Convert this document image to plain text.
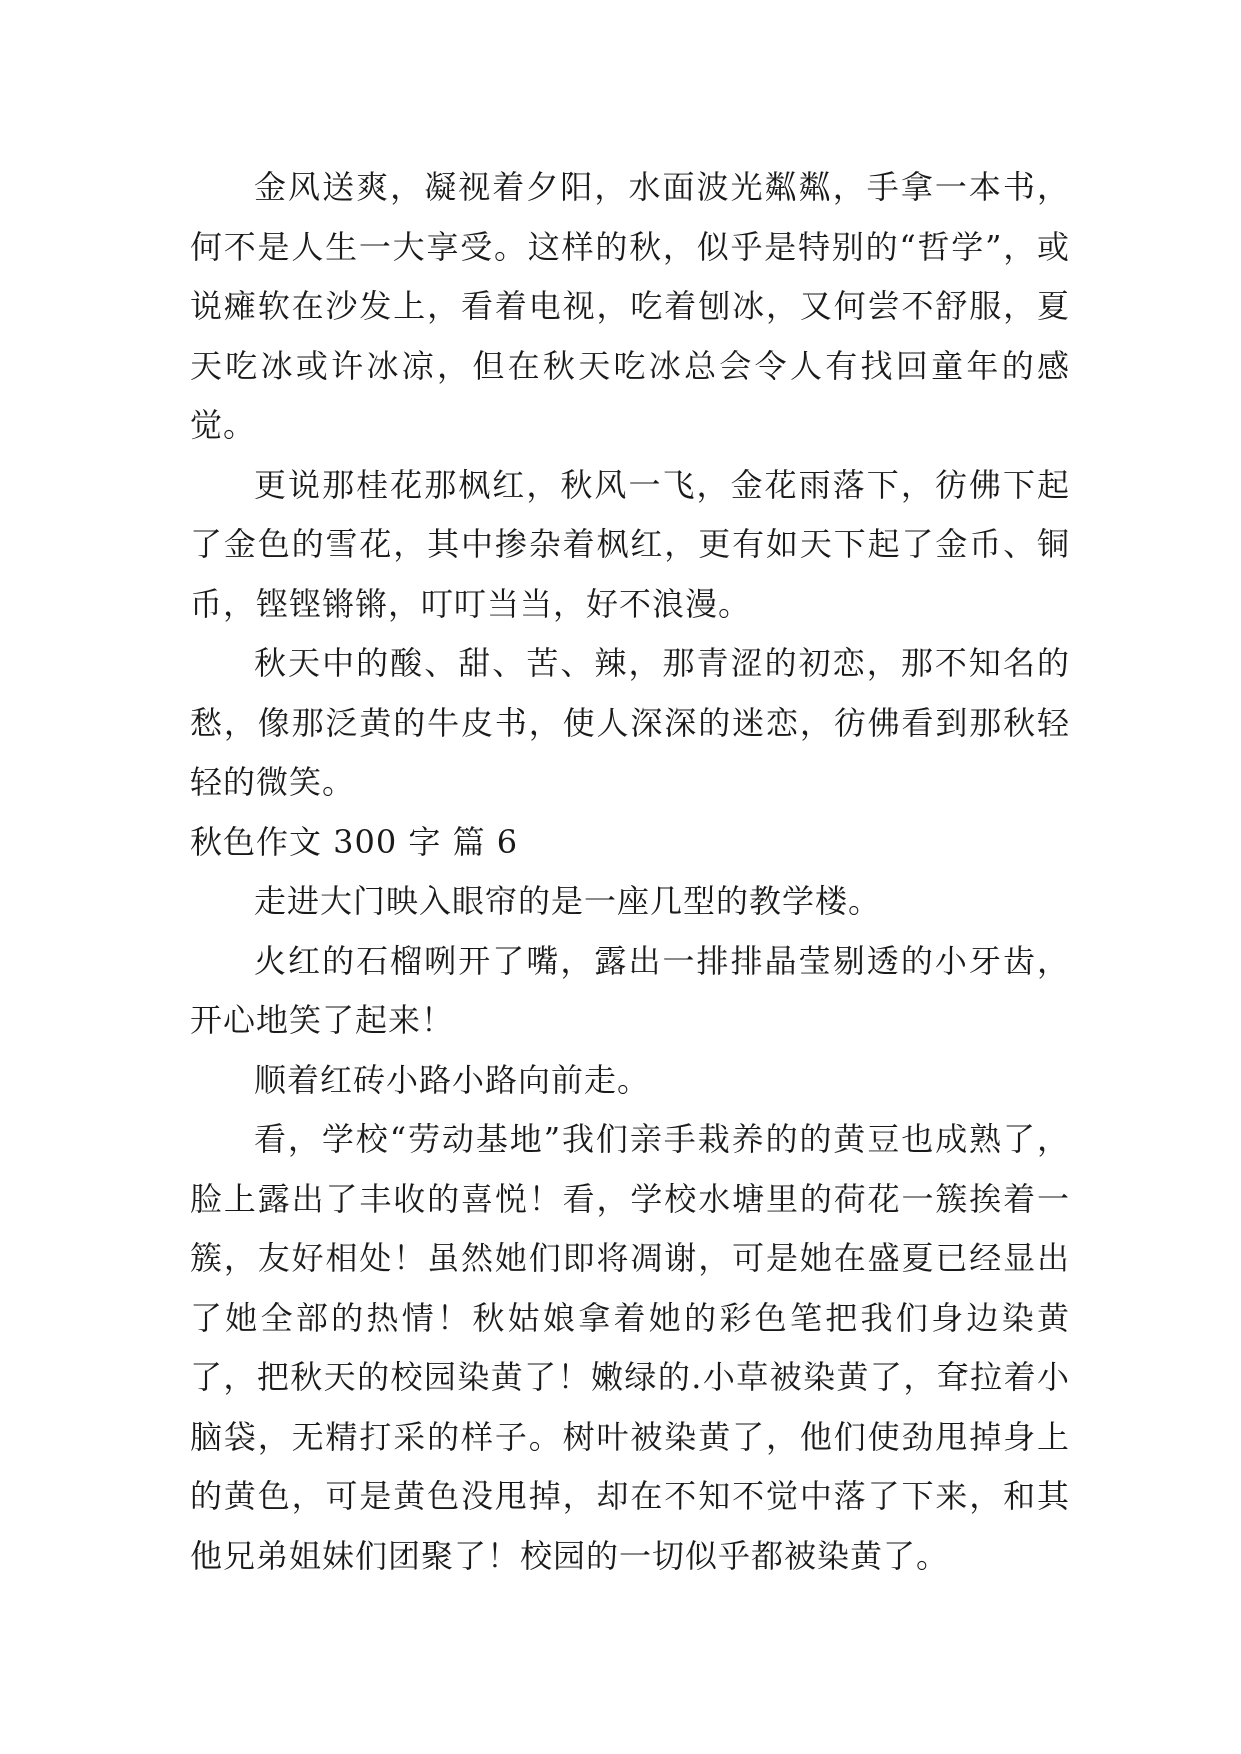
金风送爽，凝视着夕阳，水面波光粼粼，手拿一本书，何不是人生一大享受。这样的秋，似乎是特别的“哲学”，或说瘫软在沙发上，看着电视，吃着刨冰，又何尝不舒服，夏天吃冰或许冰凉，但在秋天吃冰总会令人有找回童年的感觉。

更说那桂花那枫红，秋风一飞，金花雨落下，彷佛下起了金色的雪花，其中掺杂着枫红，更有如天下起了金币、铜币，铿铿锵锵，叮叮当当，好不浪漫。

秋天中的酸、甜、苦、辣，那青涩的初恋，那不知名的愁，像那泛黄的牛皮书，使人深深的迷恋，彷佛看到那秋轻轻的微笑。

秋色作文 300 字 篇 6

走进大门映入眼帘的是一座几型的教学楼。

火红的石榴咧开了嘴，露出一排排晶莹剔透的小牙齿，开心地笑了起来！

顺着红砖小路小路向前走。

看，学校“劳动基地”我们亲手栽养的的黄豆也成熟了，脸上露出了丰收的喜悦！看，学校水塘里的荷花一簇挨着一簇，友好相处！虽然她们即将凋谢，可是她在盛夏已经显出了她全部的热情！秋姑娘拿着她的彩色笔把我们身边染黄了，把秋天的校园染黄了！嫩绿的.小草被染黄了，耷拉着小脑袋，无精打采的样子。树叶被染黄了，他们使劲甩掉身上的黄色，可是黄色没甩掉，却在不知不觉中落了下来，和其他兄弟姐妹们团聚了！校园的一切似乎都被染黄了。
